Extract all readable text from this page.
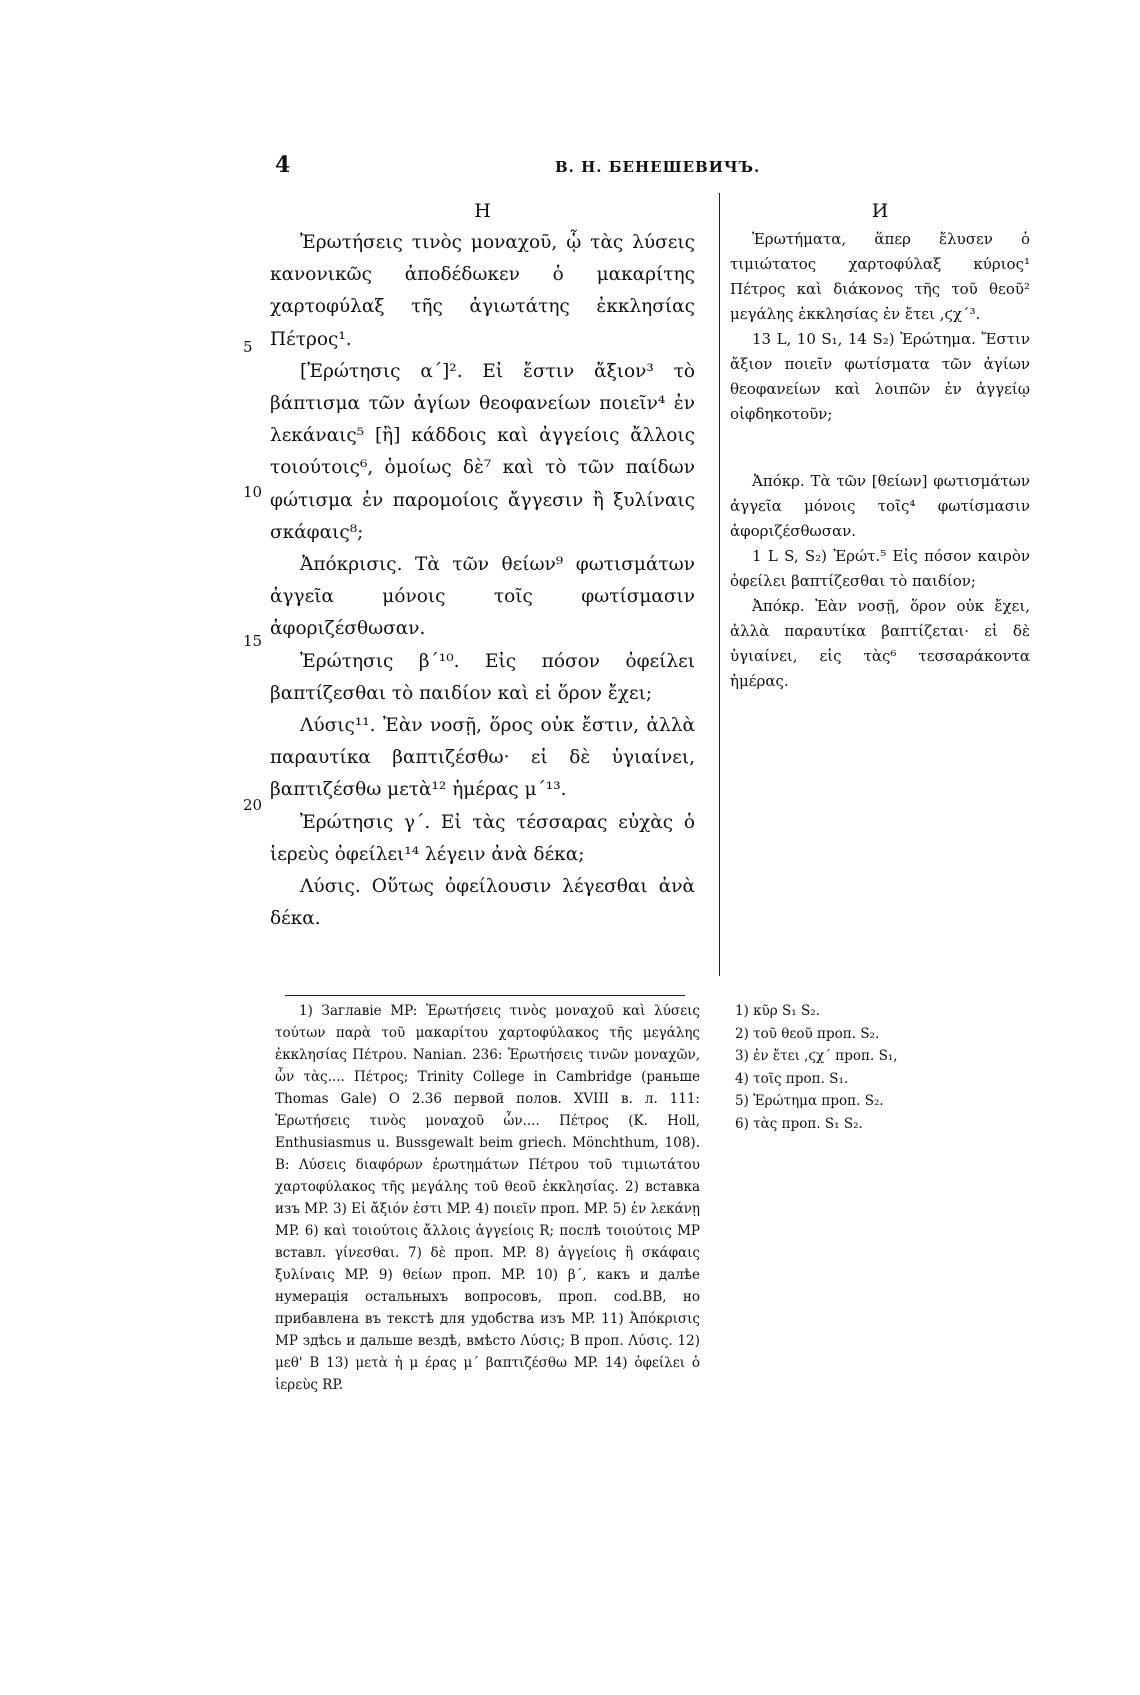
4	В. Н. БЕНЕШЕВИЧЪ.
5
10
15
20
Η

Ἐρωτήσεις τινὸς μοναχοῦ, ᾧ τὰς λύσεις κανονικῶς ἀποδέδωκεν ὁ μακαρίτης χαρτοφύλαξ τῆς ἁγιωτάτης ἐκκλησίας Πέτρος¹.

[Ἐρώτησις α΄]². Εἰ ἔστιν ἄξιον³ τὸ βάπτισμα τῶν ἁγίων θεοφανείων ποιεῖν⁴ ἐν λεκάναις⁵ [ἢ] κάδδοις καὶ ἀγγείοις ἄλλοις τοιούτοις⁶, ὁμοίως δὲ⁷ καὶ τὸ τῶν παίδων φώτισμα ἐν παρομοίοις ἄγγεσιν ἢ ξυλίναις σκάφαις⁸;

Ἀπόκρισις. Τὰ τῶν θείων⁹ φωτισμάτων ἀγγεῖα μόνοις τοῖς φωτίσμασιν ἀφοριζέσθωσαν.

Ἐρώτησις β΄¹⁰. Εἰς πόσον ὀφείλει βαπτίζεσθαι τὸ παιδίον καὶ εἰ ὅρον ἔχει;

Λύσις¹¹. Ἐὰν νοσῇ, ὅρος οὐκ ἔστιν, ἀλλὰ παραυτίκα βαπτιζέσθω· εἰ δὲ ὑγιαίνει, βαπτιζέσθω μετὰ¹² ἡμέρας μ΄¹³.

Ἐρώτησις γ΄. Εἰ τὰς τέσσαρας εὐχὰς ὁ ἱερεὺς ὀφείλει¹⁴ λέγειν ἀνὰ δέκα;

Λύσις. Οὕτως ὀφείλουσιν λέγεσθαι ἀνὰ δέκα.

И

Ἐρωτήματα, ἅπερ ἔλυσεν ὁ τιμιώτατος χαρτοφύλαξ κύριος¹ Πέτρος καὶ διάκονος τῆς τοῦ θεοῦ² μεγάλης ἐκκλησίας ἐν ἔτει ,ϛχ΄³.

13 L, 10 S₁, 14 S₂) Ἐρώτημα. Ἔστιν ἄξιον ποιεῖν φωτίσματα τῶν ἁγίων θεοφανείων καὶ λοιπῶν ἐν ἀγγείῳ οἰφδηκοτοῦν;

Ἀπόκρ. Τὰ τῶν [θείων] φωτισμάτων ἀγγεῖα μόνοις τοῖς⁴ φωτίσμασιν ἀφοριζέσθωσαν.

1 L S, S₂) Ἐρώτ.⁵ Εἰς πόσον καιρὸν ὀφείλει βαπτίζεσθαι τὸ παιδίον;

Ἀπόκρ. Ἐὰν νοσῇ, ὅρον οὐκ ἔχει, ἀλλὰ παραυτίκα βαπτίζεται· εἰ δὲ ὑγιαίνει, εἰς τὰς⁶ τεσσαράκοντα ἡμέρας.

1) Заглавіе MP: Ἐρωτήσεις τινὸς μοναχοῦ καὶ λύσεις τούτων παρὰ τοῦ μακαρίτου χαρτοφύλακος τῆς μεγάλης ἐκκλησίας Πέτρου. Nanian. 236: Ἐρωτήσεις τινῶν μοναχῶν, ὧν τὰς.... Πέτρος; Trinity College in Cambridge (раньше Thomas Gale) O 2.36 первой полов. XVIII в. л. 111: Ἐρωτήσεις τινὸς μοναχοῦ ὧν.... Πέτρος (K. Holl, Enthusiasmus u. Bussgewalt beim griech. Mönchthum, 108). B: Λύσεις διαφόρων ἐρωτημάτων Πέτρου τοῦ τιμιωτάτου χαρτοφύλακος τῆς μεγάλης τοῦ θεοῦ ἐκκλησίας. 2) вставка изъ MP. 3) Εἰ ἄξιόν ἐστι MP. 4) ποιεῖν проп. MP. 5) ἐν λεκάνῃ MP. 6) καὶ τοιούτοις ἄλλοις ἀγγείοις R; послѣ τοιούτοις MP вставл. γίνεσθαι. 7) δὲ проп. MP. 8) ἀγγείοις ἢ σκάφαις ξυλίναις MP. 9) θείων проп. MP. 10) β΄, какъ и далѣе нумерація остальныхъ вопросовъ, проп. cod.BB, но прибавлена въ текстѣ для удобства изъ MP. 11) Ἀπόκρισις MP здѣсь и дальше вездѣ, вмѣсто Λύσις; B проп. Λύσις. 12) μεθ' B 13) μετὰ ἡ μ έρας μ΄ βαπτιζέσθω MP. 14) ὀφείλει ὁ ἱερεὺς RP.

1) κῦρ S₁ S₂.
2) τοῦ θεοῦ проп. S₂.
3) ἐν ἔτει ,ϛχ΄ проп. S₁,
4) τοῖς проп. S₁.
5) Ἐρώτημα проп. S₂.
6) τὰς проп. S₁ S₂.
